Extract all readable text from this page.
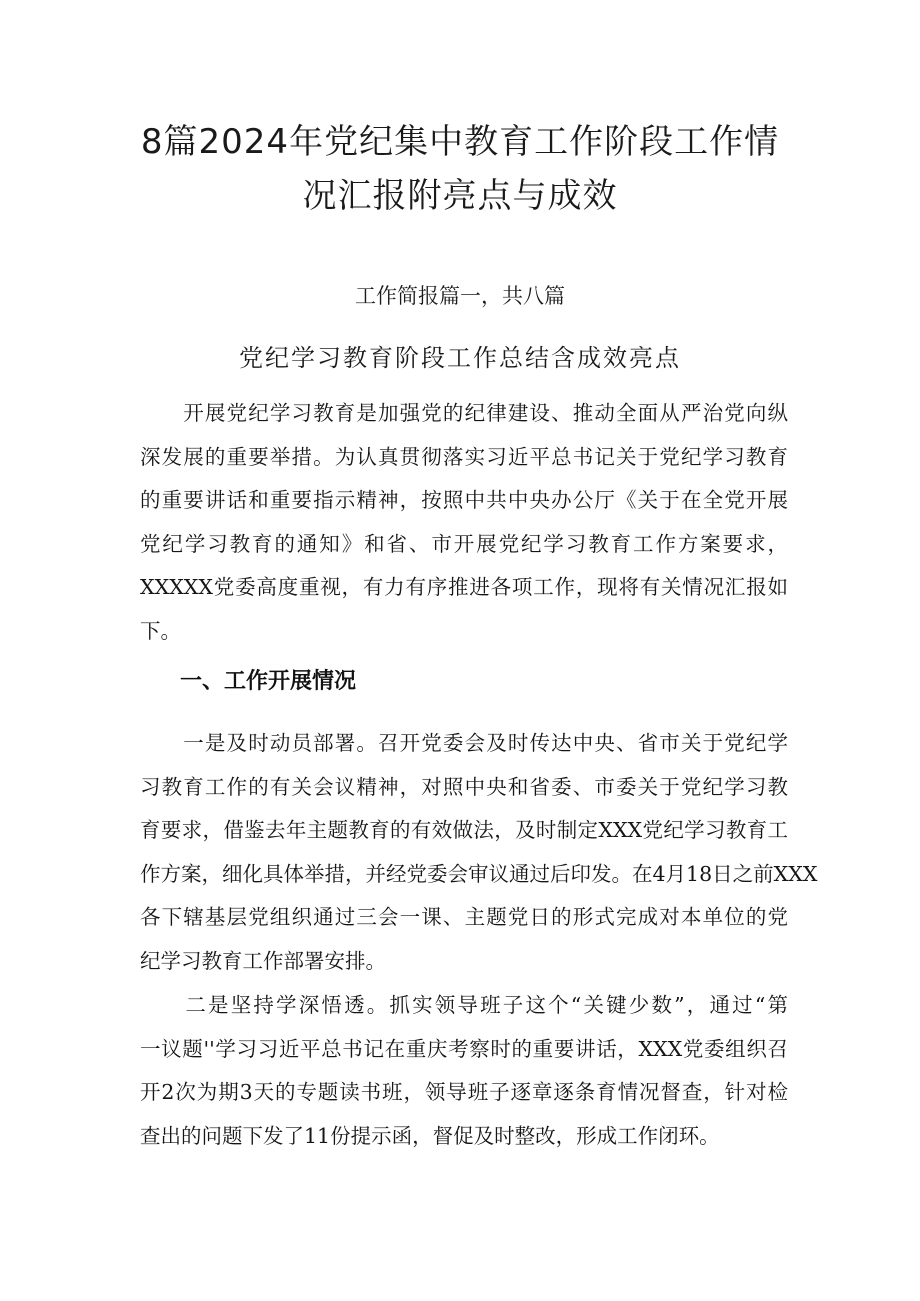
8篇2024年党纪集中教育工作阶段工作情
况汇报附亮点与成效
工作简报篇一，共八篇
党纪学习教育阶段工作总结含成效亮点
　　开展党纪学习教育是加强党的纪律建设、推动全面从严治党向纵
深发展的重要举措。为认真贯彻落实习近平总书记关于党纪学习教育
的重要讲话和重要指示精神，按照中共中央办公厅《关于在全党开展
党纪学习教育的通知》和省、市开展党纪学习教育工作方案要求，
XXXXX党委高度重视，有力有序推进各项工作，现将有关情况汇报如
下。
一、工作开展情况
　　一是及时动员部署。召开党委会及时传达中央、省市关于党纪学
习教育工作的有关会议精神，对照中央和省委、市委关于党纪学习教
育要求，借鉴去年主题教育的有效做法，及时制定XXX党纪学习教育工
作方案，细化具体举措，并经党委会审议通过后印发。在4月18日之前XXX
各下辖基层党组织通过三会一课、主题党日的形式完成对本单位的党
纪学习教育工作部署安排。
　　二是坚持学深悟透。抓实领导班子这个“关键少数”，通过“第
一议题''学习习近平总书记在重庆考察时的重要讲话，XXX党委组织召
开2次为期3天的专题读书班，领导班子逐章逐条育情况督查，针对检
查出的问题下发了11份提示函，督促及时整改，形成工作闭环。
